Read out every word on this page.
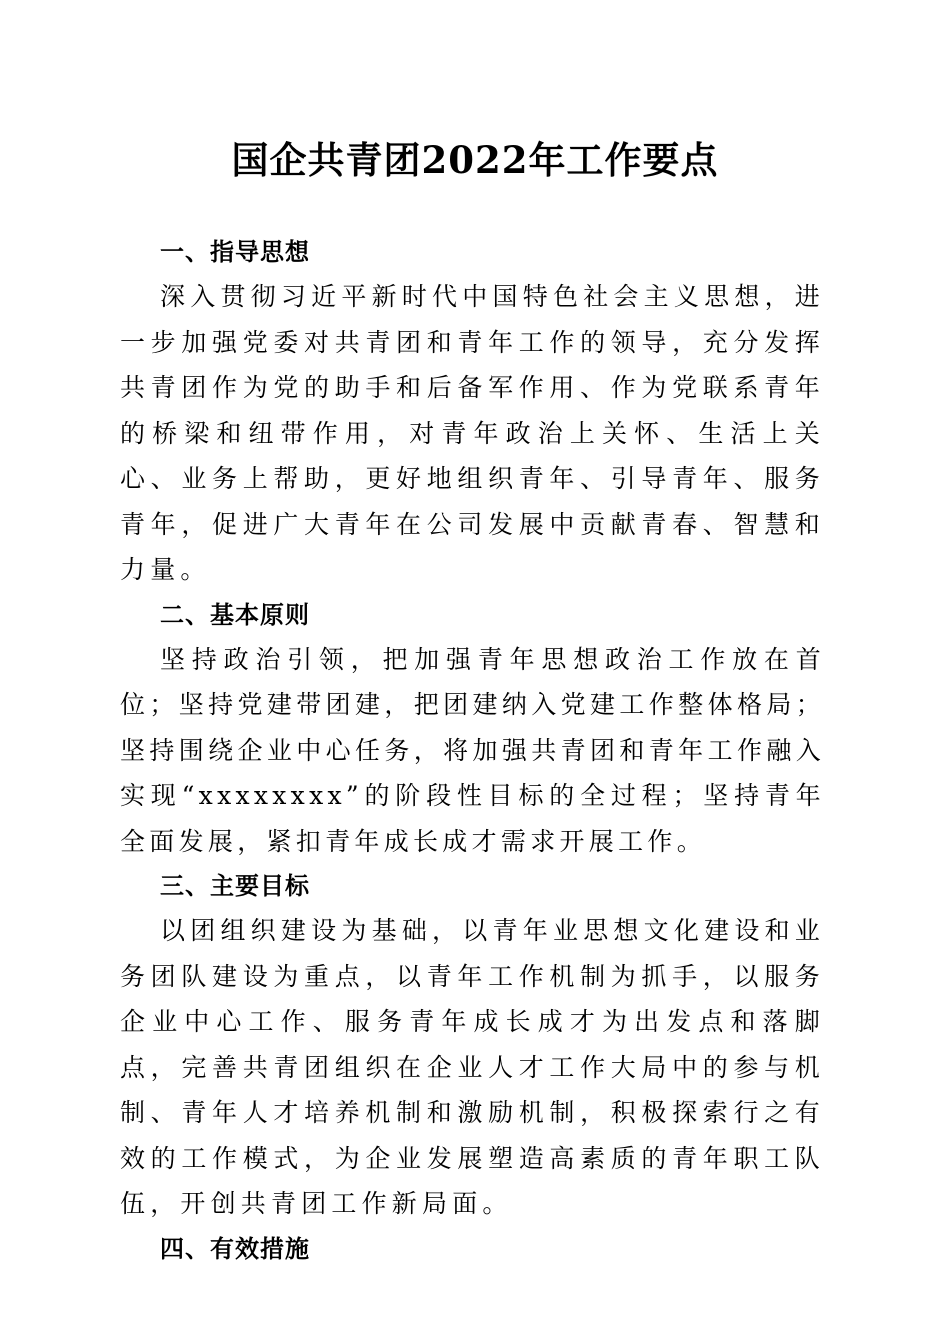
国企共青团2022年工作要点

一、指导思想

深入贯彻习近平新时代中国特色社会主义思想，进一步加强党委对共青团和青年工作的领导，充分发挥共青团作为党的助手和后备军作用、作为党联系青年的桥梁和纽带作用，对青年政治上关怀、生活上关心、业务上帮助，更好地组织青年、引导青年、服务青年，促进广大青年在公司发展中贡献青春、智慧和力量。

二、基本原则

坚持政治引领，把加强青年思想政治工作放在首位；坚持党建带团建，把团建纳入党建工作整体格局；坚持围绕企业中心任务，将加强共青团和青年工作融入实现“xxxxxxxx”的阶段性目标的全过程；坚持青年全面发展，紧扣青年成长成才需求开展工作。

三、主要目标

以团组织建设为基础，以青年业思想文化建设和业务团队建设为重点，以青年工作机制为抓手，以服务企业中心工作、服务青年成长成才为出发点和落脚点，完善共青团组织在企业人才工作大局中的参与机制、青年人才培养机制和激励机制，积极探索行之有效的工作模式，为企业发展塑造高素质的青年职工队伍，开创共青团工作新局面。

四、有效措施
